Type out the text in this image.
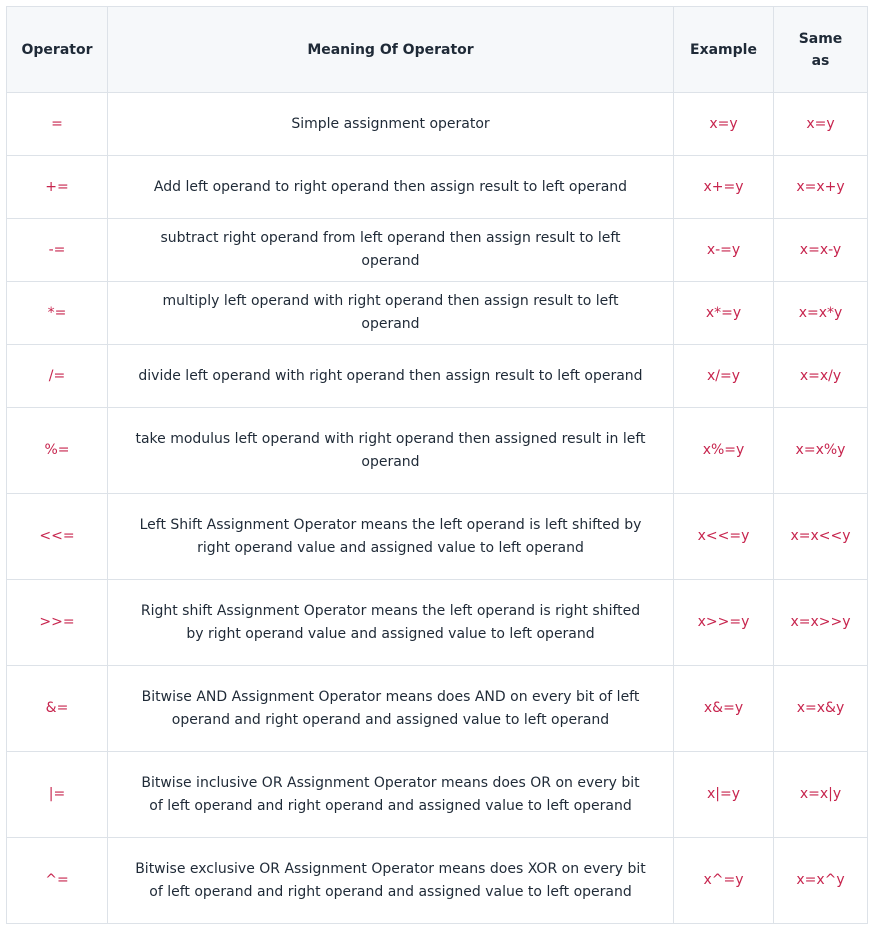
Operator	Meaning Of Operator	Example	Same as
=	Simple assignment operator	x=y	x=y
+=	Add left operand to right operand then assign result to left operand	x+=y	x=x+y
-=	subtract right operand from left operand then assign result to left operand	x-=y	x=x-y
*=	multiply left operand with right operand then assign result to left operand	x*=y	x=x*y
/=	divide left operand with right operand then assign result to left operand	x/=y	x=x/y
%=	take modulus left operand with right operand then assigned result in left operand	x%=y	x=x%y
<<=	Left Shift Assignment Operator means the left operand is left shifted by right operand value and assigned value to left operand	x<<=y	x=x<<y
>>=	Right shift Assignment Operator means the left operand is right shifted by right operand value and assigned value to left operand	x>>=y	x=x>>y
&=	Bitwise AND Assignment Operator means does AND on every bit of left operand and right operand and assigned value to left operand	x&=y	x=x&y
|=	Bitwise inclusive OR Assignment Operator means does OR on every bit of left operand and right operand and assigned value to left operand	x|=y	x=x|y
^=	Bitwise exclusive OR Assignment Operator means does XOR on every bit of left operand and right operand and assigned value to left operand	x^=y	x=x^y
